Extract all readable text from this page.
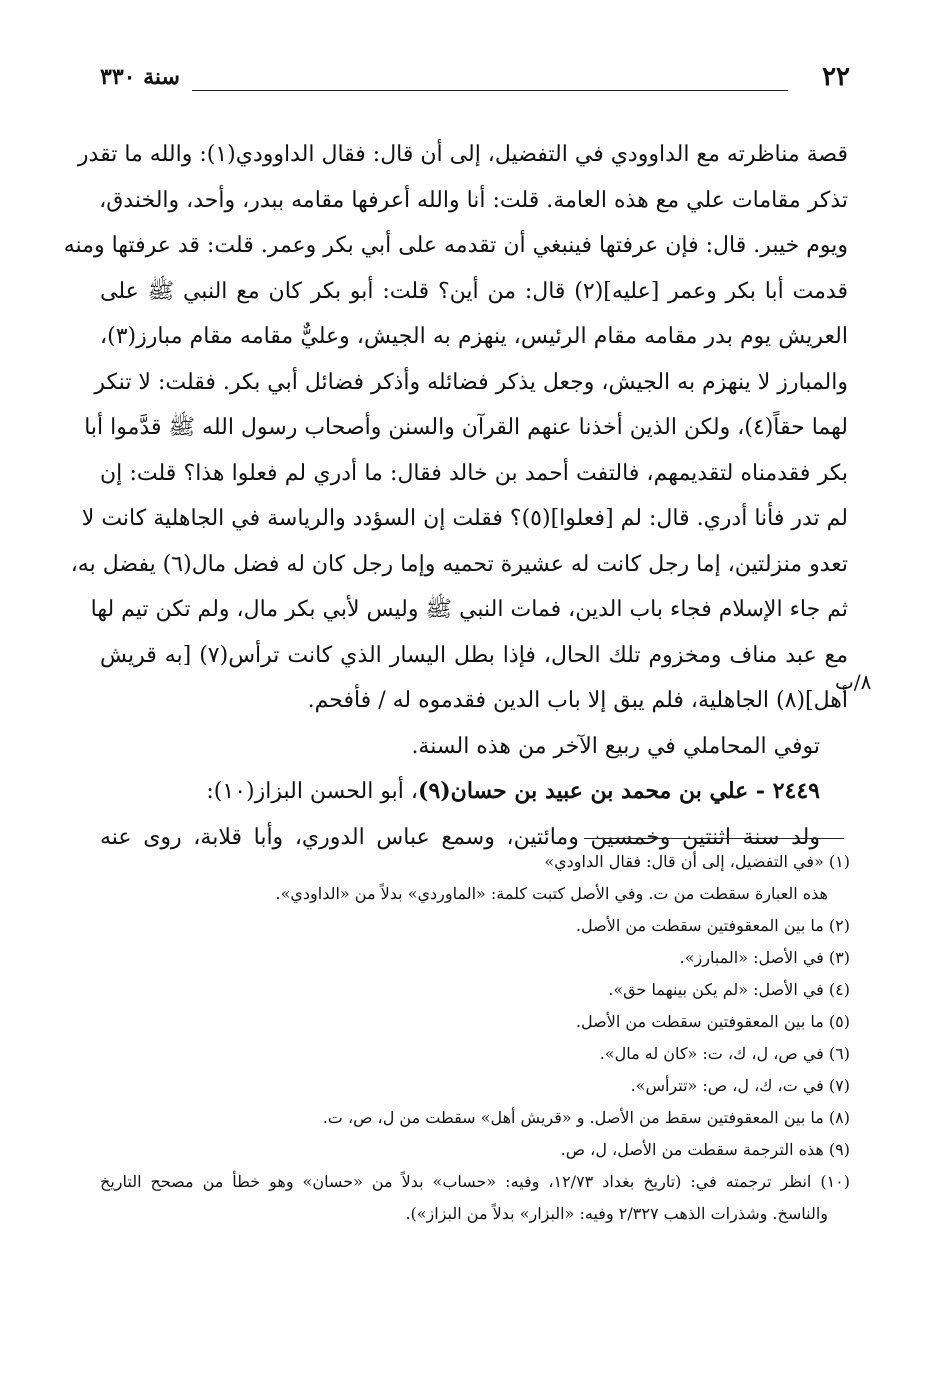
٢٢
سنة ٣٣٠
قصة مناظرته مع الداوودي في التفضيل، إلى أن قال: فقال الداوودي(١): والله ما تقدر
تذكر مقامات علي مع هذه العامة. قلت: أنا والله أعرفها مقامه ببدر، وأحد، والخندق،
ويوم خيبر. قال: فإن عرفتها فينبغي أن تقدمه على أبي بكر وعمر. قلت: قد عرفتها ومنه
قدمت أبا بكر وعمر [عليه](٢) قال: من أين؟ قلت: أبو بكر كان مع النبي ﷺ على
العريش يوم بدر مقامه مقام الرئيس، ينهزم به الجيش، وعليٌّ مقامه مقام مبارز(٣)،
والمبارز لا ينهزم به الجيش، وجعل يذكر فضائله وأذكر فضائل أبي بكر. فقلت: لا تنكر
لهما حقاً(٤)، ولكن الذين أخذنا عنهم القرآن والسنن وأصحاب رسول الله ﷺ قدَّموا أبا
بكر فقدمناه لتقديمهم، فالتفت أحمد بن خالد فقال: ما أدري لم فعلوا هذا؟ قلت: إن
لم تدر فأنا أدري. قال: لم [فعلوا](٥)؟ فقلت إن السؤدد والرياسة في الجاهلية كانت لا
تعدو منزلتين، إما رجل كانت له عشيرة تحميه وإما رجل كان له فضل مال(٦) يفضل به،
ثم جاء الإسلام فجاء باب الدين، فمات النبي ﷺ وليس لأبي بكر مال، ولم تكن تيم لها
مع عبد مناف ومخزوم تلك الحال، فإذا بطل اليسار الذي كانت ترأس(٧) [به قريش
أهل](٨) الجاهلية، فلم يبق إلا باب الدين فقدموه له / فأفحم.
توفي المحاملي في ربيع الآخر من هذه السنة.
٢٤٤٩ - علي بن محمد بن عبيد بن حسان(٩)، أبو الحسن البزاز(١٠):
ولد سنة اثنتين وخمسين ومائتين، وسمع عباس الدوري، وأبا قلابة، روى عنه
٨/ب
(١) «في التفضيل، إلى أن قال: فقال الداودي»
هذه العبارة سقطت من ت. وفي الأصل كتبت كلمة: «الماوردي» بدلاً من «الداودي».
(٢) ما بين المعقوفتين سقطت من الأصل.
(٣) في الأصل: «المبارز».
(٤) في الأصل: «لم يكن بينهما حق».
(٥) ما بين المعقوفتين سقطت من الأصل.
(٦) في ص، ل، ك، ت: «كان له مال».
(٧) في ت، ك، ل، ص: «تترأس».
(٨) ما بين المعقوفتين سقط من الأصل. و «قريش أهل» سقطت من ل، ص، ت.
(٩) هذه الترجمة سقطت من الأصل، ل، ص.
(١٠) انظر ترجمته في: (تاريخ بغداد ١٢/٧٣، وفيه: «حساب» بدلاً من «حسان» وهو خطأ من مصحح التاريخ
والناسخ. وشذرات الذهب ٢/٣٢٧ وفيه: «البزار» بدلاً من البزاز»).
